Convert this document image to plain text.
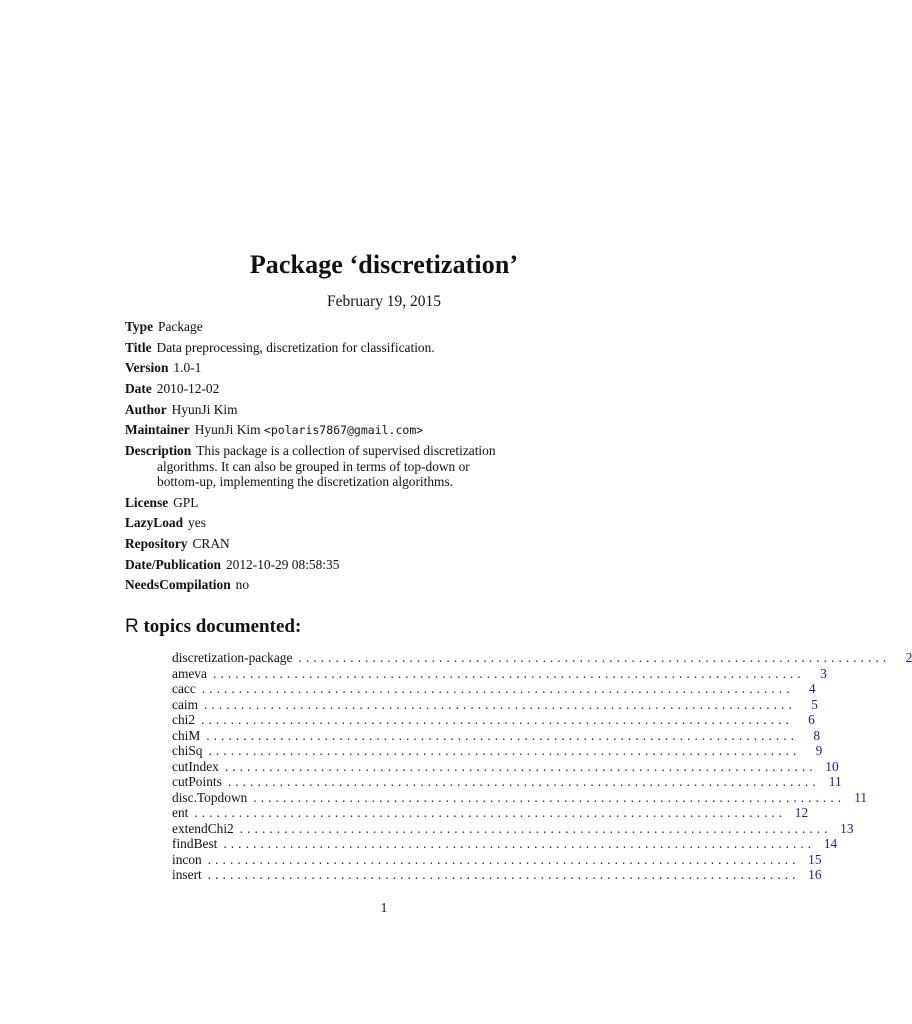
Package ‘discretization’
February 19, 2015
Type Package
Title Data preprocessing, discretization for classification.
Version 1.0-1
Date 2010-12-02
Author HyunJi Kim
Maintainer HyunJi Kim <polaris7867@gmail.com>
Description This package is a collection of supervised discretization
algorithms. It can also be grouped in terms of top-down or
bottom-up, implementing the discretization algorithms.
License GPL
LazyLoad yes
Repository CRAN
Date/Publication 2012-10-29 08:58:35
NeedsCompilation no
R topics documented:
discretization-package ................................................................................	2
ameva ................................................................................	3
cacc ................................................................................	4
caim ................................................................................	5
chi2 ................................................................................	6
chiM ................................................................................	8
chiSq ................................................................................	9
cutIndex ................................................................................ 10
cutPoints ................................................................................ 11
disc.Topdown ................................................................................ 11
ent ................................................................................ 12
extendChi2 ................................................................................ 13
findBest ................................................................................ 14
incon ................................................................................ 15
insert ................................................................................ 16
1
